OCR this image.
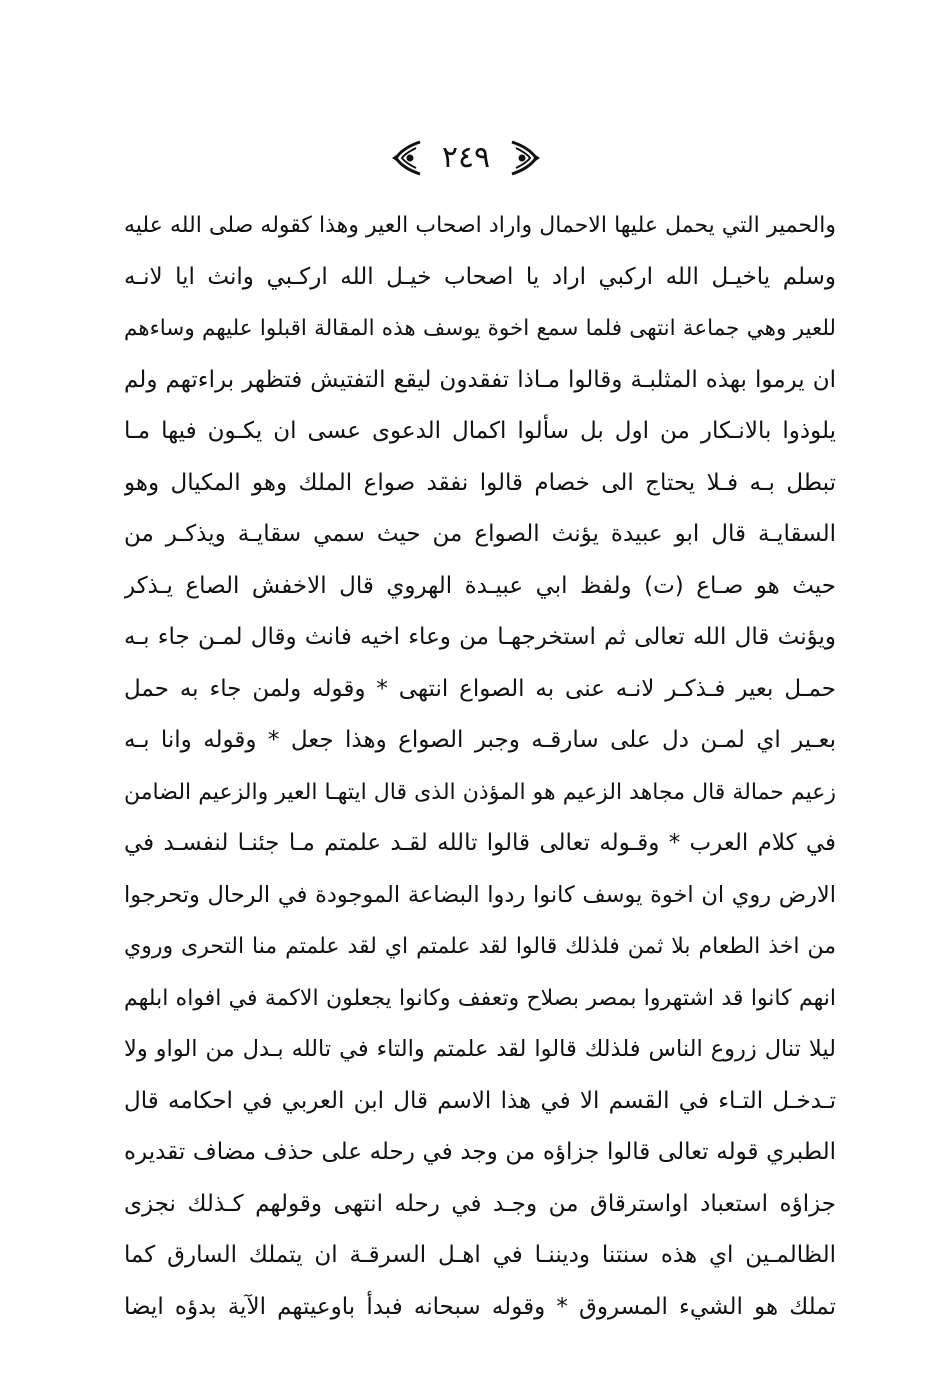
٢٤٩
والحمير التي يحمل عليها الاحمال واراد اصحاب العير وهذا كقوله صلى الله عليه
وسلم ياخيـل الله اركبي اراد يا اصحاب خيـل الله اركـبي وانث ايا لانـه
للعير وهي جماعة انتهى فلما سمع اخوة يوسف هذه المقالة اقبلوا عليهم وساءهم
ان يرموا بهذه المثلبـة وقالوا مـاذا تفقدون ليقع التفتيش فتظهر براءتهم ولم
يلوذوا بالانـكار من اول بل سألوا اكمال الدعوى عسى ان يكـون فيها مـا
تبطل بـه فـلا يحتاج الى خصام قالوا نفقد صواع الملك وهو المكيال وهو
السقايـة قال ابو عبيدة يؤنث الصواع من حيث سمي سقايـة ويذكـر من
حيث هو صـاع (ت) ولفظ ابي عبيـدة الهروي قال الاخفش الصاع يـذكر
ويؤنث قال الله تعالى ثم استخرجهـا من وعاء اخيه فانث وقال لمـن جاء بـه
حمـل بعير فـذكـر لانـه عنى به الصواع انتهى * وقوله ولمن جاء به حمل
بعـير اي لمـن دل على سارقـه وجبر الصواع وهذا جعل * وقوله وانا بـه
زعيم حمالة قال مجاهد الزعيم هو المؤذن الذى قال ايتهـا العير والزعيم الضامن
في كلام العرب * وقـوله تعالى قالوا تالله لقـد علمتم مـا جئنـا لنفسـد في
الارض روي ان اخوة يوسف كانوا ردوا البضاعة الموجودة في الرحال وتحرجوا
من اخذ الطعام بلا ثمن فلذلك قالوا لقد علمتم اي لقد علمتم منا التحرى وروي
انهم كانوا قد اشتهروا بمصر بصلاح وتعفف وكانوا يجعلون الاكمة في افواه ابلهم
ليلا تنال زروع الناس فلذلك قالوا لقد علمتم والتاء في تالله بـدل من الواو ولا
تـدخـل التـاء في القسم الا في هذا الاسم قال ابن العربي في احكامه قال
الطبري قوله تعالى قالوا جزاؤه من وجد في رحله على حذف مضاف تقديره
جزاؤه استعباد اواسترقاق من وجـد في رحله انتهى وقولهم كـذلك نجزى
الظالمـين اي هذه سنتنا وديننـا في اهـل السرقـة ان يتملك السارق كما
تملك هو الشيء المسروق * وقوله سبحانه فبدأ باوعيتهم الآية بدؤه ايضا
